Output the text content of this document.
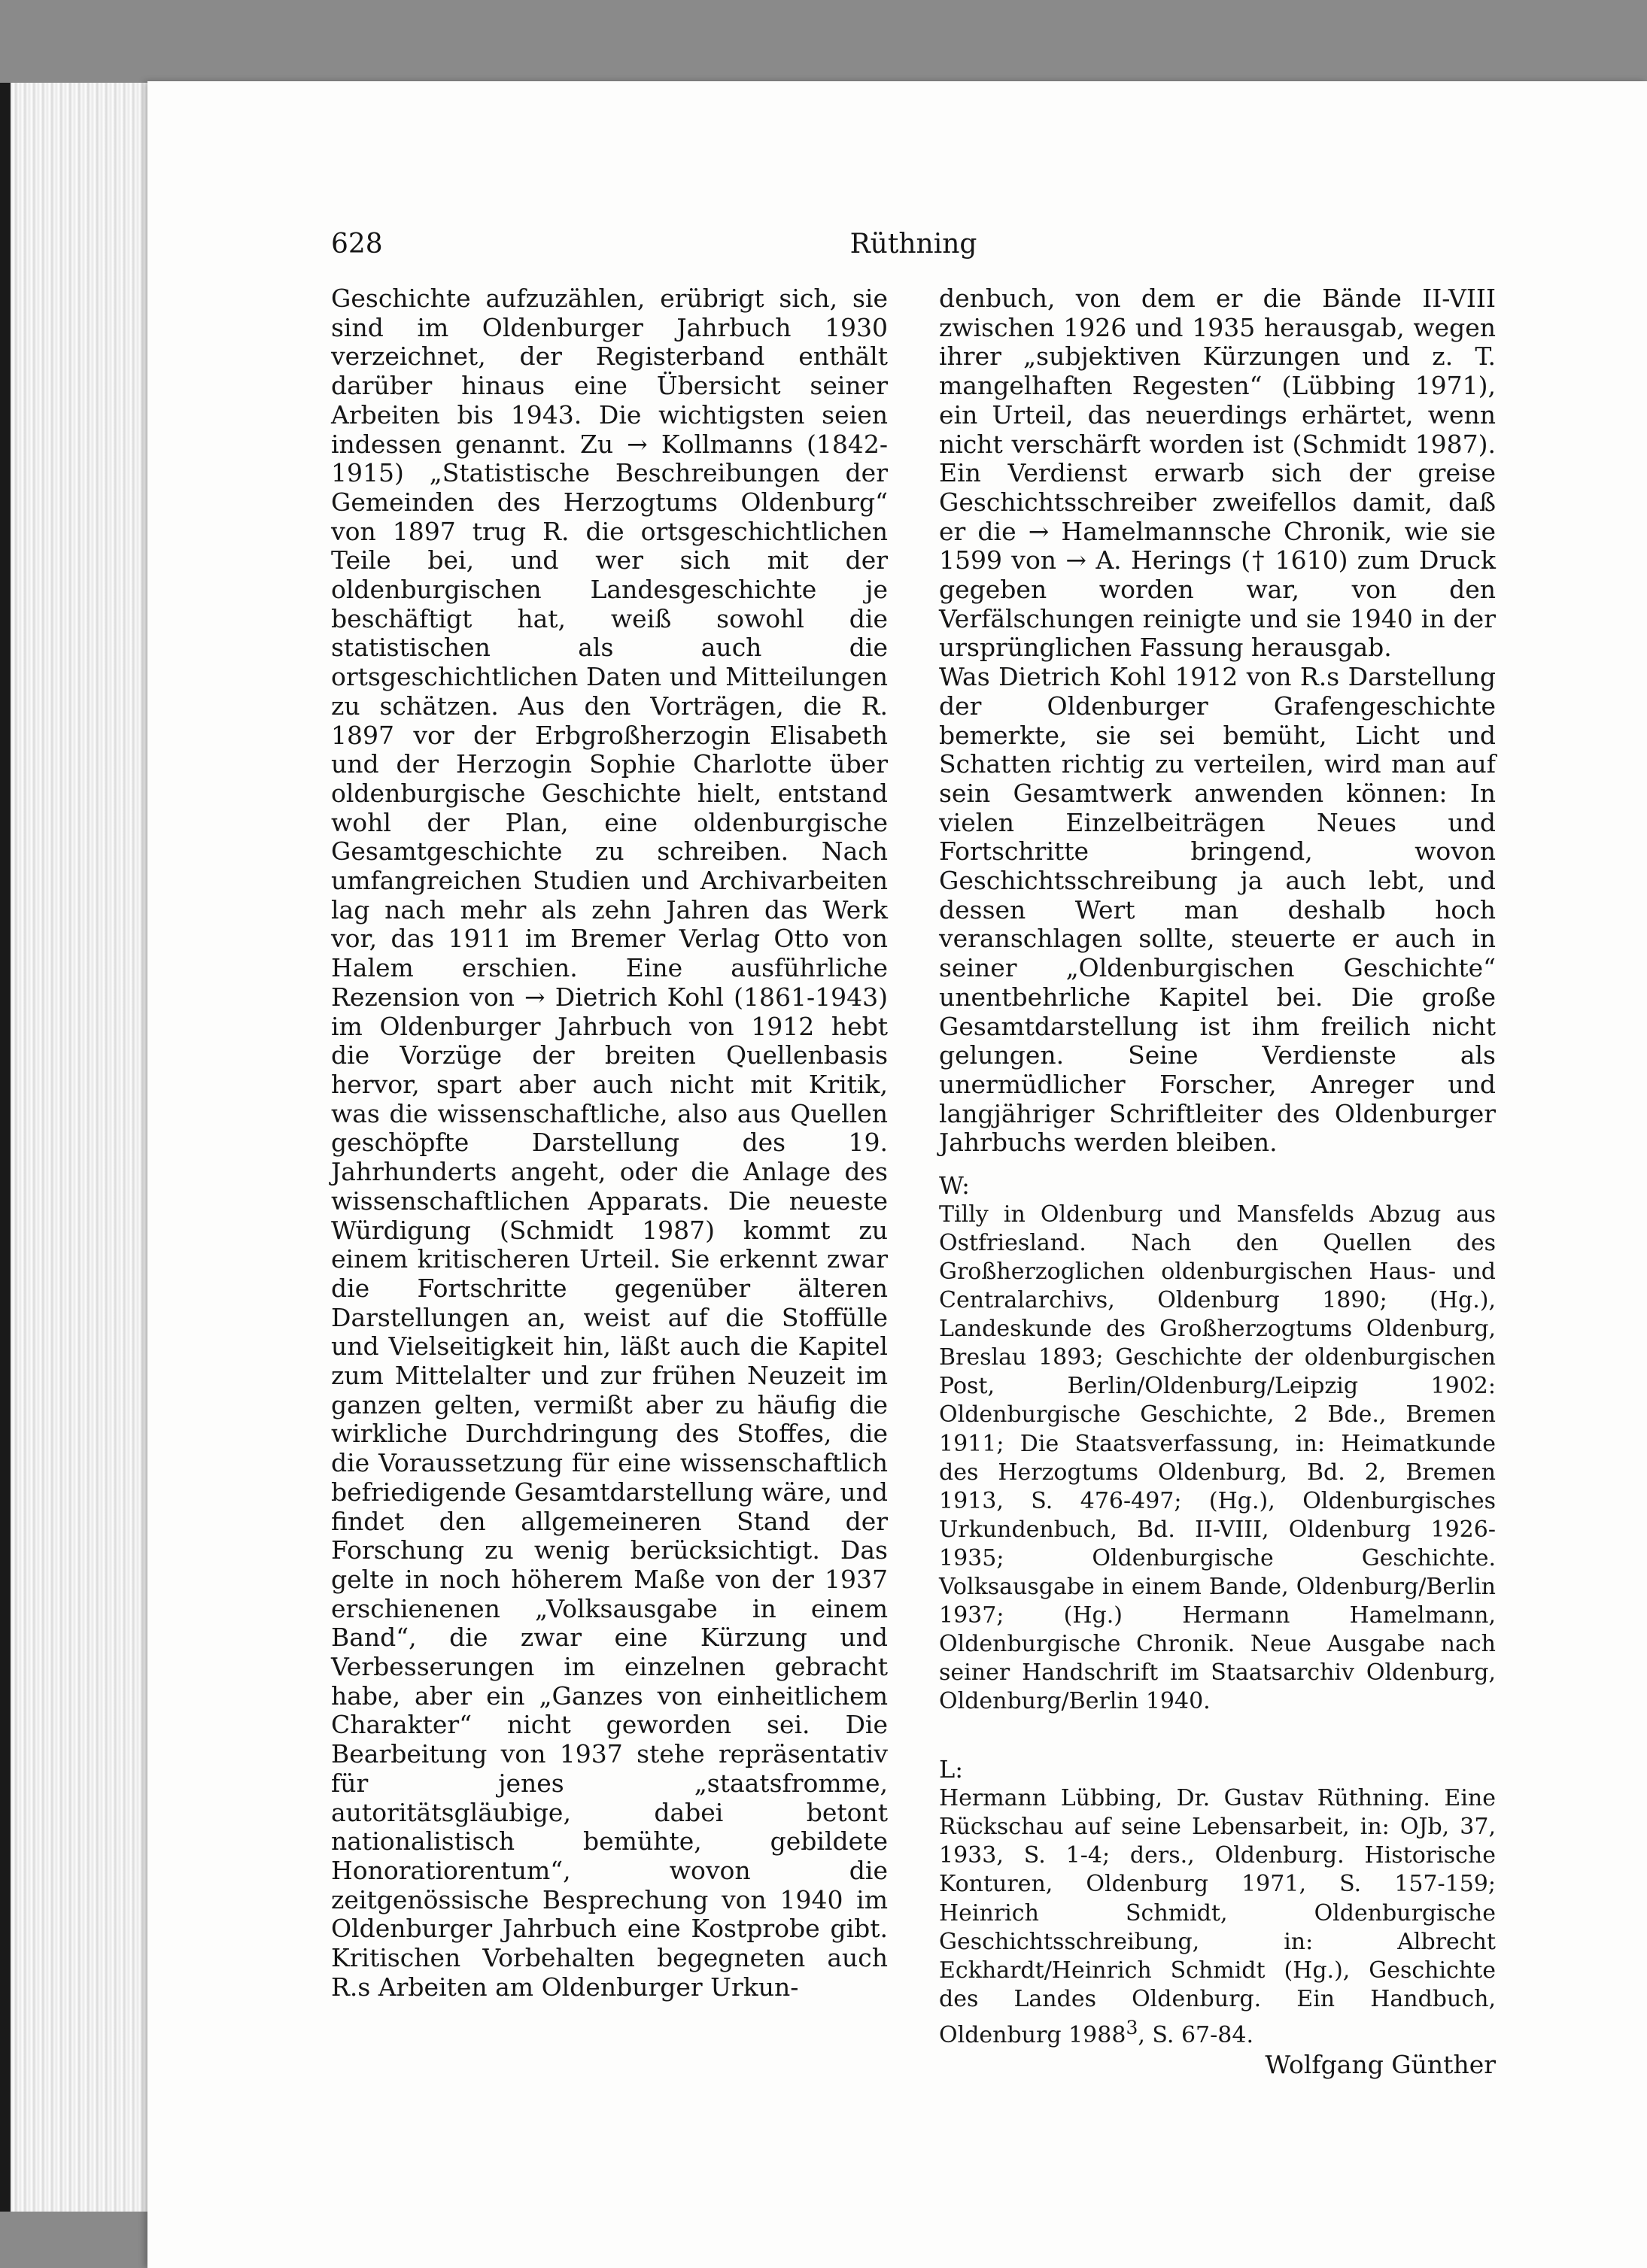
628	Rüthning

Geschichte aufzuzählen, erübrigt sich, sie sind im Oldenburger Jahrbuch 1930 verzeichnet, der Registerband enthält darüber hinaus eine Übersicht seiner Arbeiten bis 1943. Die wichtigsten seien indessen genannt. Zu → Kollmanns (1842-1915) „Statistische Beschreibungen der Gemeinden des Herzogtums Oldenburg“ von 1897 trug R. die ortsgeschichtlichen Teile bei, und wer sich mit der oldenburgischen Landesgeschichte je beschäftigt hat, weiß sowohl die statistischen als auch die ortsgeschichtlichen Daten und Mitteilungen zu schätzen. Aus den Vorträgen, die R. 1897 vor der Erbgroßherzogin Elisabeth und der Herzogin Sophie Charlotte über oldenburgische Geschichte hielt, entstand wohl der Plan, eine oldenburgische Gesamtgeschichte zu schreiben. Nach umfangreichen Studien und Archivarbeiten lag nach mehr als zehn Jahren das Werk vor, das 1911 im Bremer Verlag Otto von Halem erschien. Eine ausführliche Rezension von → Dietrich Kohl (1861-1943) im Oldenburger Jahrbuch von 1912 hebt die Vorzüge der breiten Quellenbasis hervor, spart aber auch nicht mit Kritik, was die wissenschaftliche, also aus Quellen geschöpfte Darstellung des 19. Jahrhunderts angeht, oder die Anlage des wissenschaftlichen Apparats. Die neueste Würdigung (Schmidt 1987) kommt zu einem kritischeren Urteil. Sie erkennt zwar die Fortschritte gegenüber älteren Darstellungen an, weist auf die Stoffülle und Vielseitigkeit hin, läßt auch die Kapitel zum Mittelalter und zur frühen Neuzeit im ganzen gelten, vermißt aber zu häufig die wirkliche Durchdringung des Stoffes, die die Voraussetzung für eine wissenschaftlich befriedigende Gesamtdarstellung wäre, und findet den allgemeineren Stand der Forschung zu wenig berücksichtigt. Das gelte in noch höherem Maße von der 1937 erschienenen „Volksausgabe in einem Band“, die zwar eine Kürzung und Verbesserungen im einzelnen gebracht habe, aber ein „Ganzes von einheitlichem Charakter“ nicht geworden sei. Die Bearbeitung von 1937 stehe repräsentativ für jenes „staatsfromme, autoritätsgläubige, dabei betont nationalistisch bemühte, gebildete Honoratiorentum“, wovon die zeitgenössische Besprechung von 1940 im Oldenburger Jahrbuch eine Kostprobe gibt. Kritischen Vorbehalten begegneten auch R.s Arbeiten am Oldenburger Urkun-

denbuch, von dem er die Bände II-VIII zwischen 1926 und 1935 herausgab, wegen ihrer „subjektiven Kürzungen und z. T. mangelhaften Regesten“ (Lübbing 1971), ein Urteil, das neuerdings erhärtet, wenn nicht verschärft worden ist (Schmidt 1987). Ein Verdienst erwarb sich der greise Geschichtsschreiber zweifellos damit, daß er die → Hamelmannsche Chronik, wie sie 1599 von → A. Herings († 1610) zum Druck gegeben worden war, von den Verfälschungen reinigte und sie 1940 in der ursprünglichen Fassung herausgab.

Was Dietrich Kohl 1912 von R.s Darstellung der Oldenburger Grafengeschichte bemerkte, sie sei bemüht, Licht und Schatten richtig zu verteilen, wird man auf sein Gesamtwerk anwenden können: In vielen Einzelbeiträgen Neues und Fortschritte bringend, wovon Geschichtsschreibung ja auch lebt, und dessen Wert man deshalb hoch veranschlagen sollte, steuerte er auch in seiner „Oldenburgischen Geschichte“ unentbehrliche Kapitel bei. Die große Gesamtdarstellung ist ihm freilich nicht gelungen. Seine Verdienste als unermüdlicher Forscher, Anreger und langjähriger Schriftleiter des Oldenburger Jahrbuchs werden bleiben.

W:

Tilly in Oldenburg und Mansfelds Abzug aus Ostfriesland. Nach den Quellen des Großherzoglichen oldenburgischen Haus- und Centralarchivs, Oldenburg 1890; (Hg.), Landeskunde des Großherzogtums Oldenburg, Breslau 1893; Geschichte der oldenburgischen Post, Berlin/Oldenburg/Leipzig 1902: Oldenburgische Geschichte, 2 Bde., Bremen 1911; Die Staatsverfassung, in: Heimatkunde des Herzogtums Oldenburg, Bd. 2, Bremen 1913, S. 476-497; (Hg.), Oldenburgisches Urkundenbuch, Bd. II-VIII, Oldenburg 1926-1935; Oldenburgische Geschichte. Volksausgabe in einem Bande, Oldenburg/Berlin 1937; (Hg.) Hermann Hamelmann, Oldenburgische Chronik. Neue Ausgabe nach seiner Handschrift im Staatsarchiv Oldenburg, Oldenburg/Berlin 1940.

L:

Hermann Lübbing, Dr. Gustav Rüthning. Eine Rückschau auf seine Lebensarbeit, in: OJb, 37, 1933, S. 1-4; ders., Oldenburg. Historische Konturen, Oldenburg 1971, S. 157-159; Heinrich Schmidt, Oldenburgische Geschichtsschreibung, in: Albrecht Eckhardt/Heinrich Schmidt (Hg.), Geschichte des Landes Oldenburg. Ein Handbuch, Oldenburg 1988$^3$, S. 67-84.

Wolfgang Günther
